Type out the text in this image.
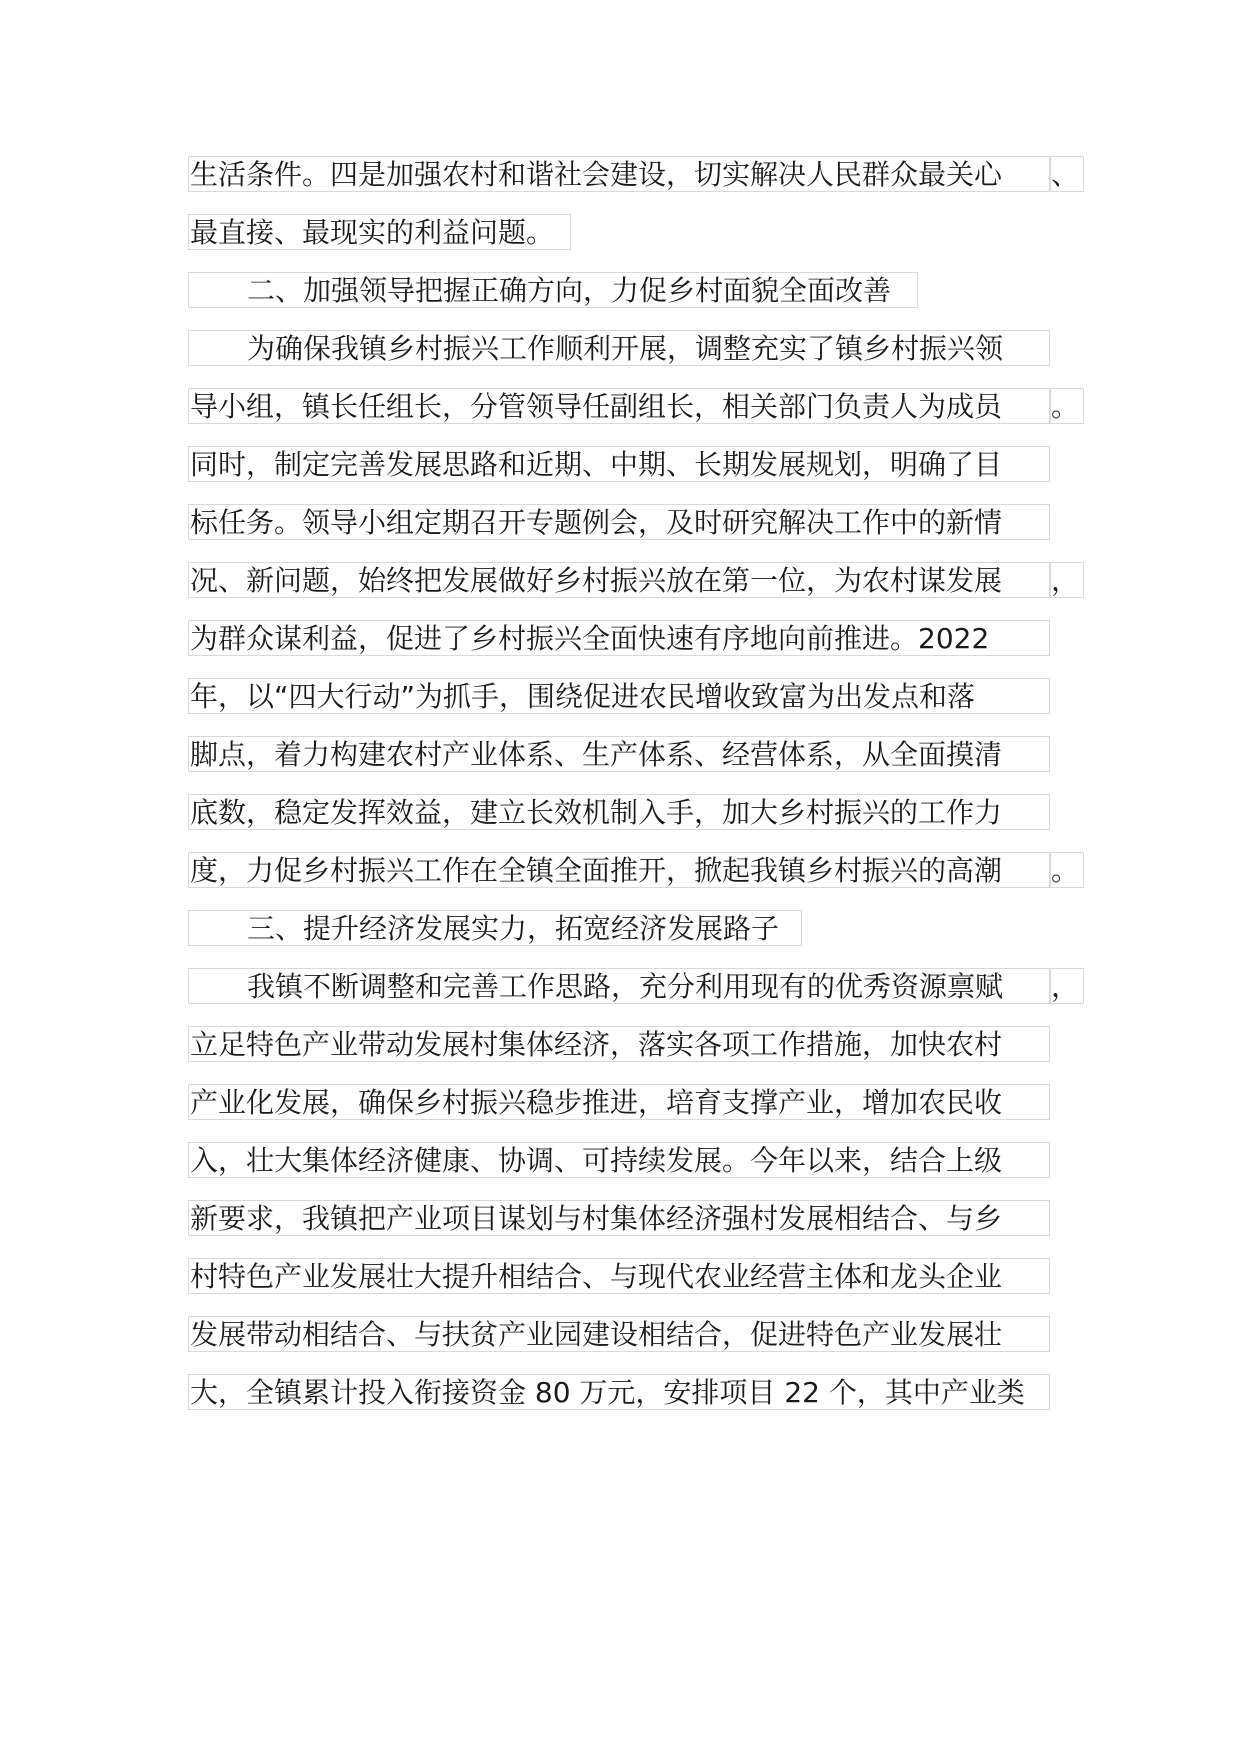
生活条件。四是加强农村和谐社会建设，切实解决人民群众最关心	、
最直接、最现实的利益问题。
二、加强领导把握正确方向，力促乡村面貌全面改善
为确保我镇乡村振兴工作顺利开展，调整充实了镇乡村振兴领
导小组，镇长任组长，分管领导任副组长，相关部门负责人为成员	。
同时，制定完善发展思路和近期、中期、长期发展规划，明确了目
标任务。领导小组定期召开专题例会，及时研究解决工作中的新情
况、新问题，始终把发展做好乡村振兴放在第一位，为农村谋发展	，
为群众谋利益，促进了乡村振兴全面快速有序地向前推进。2022
年，以“四大行动”为抓手，围绕促进农民增收致富为出发点和落
脚点，着力构建农村产业体系、生产体系、经营体系，从全面摸清
底数，稳定发挥效益，建立长效机制入手，加大乡村振兴的工作力
度，力促乡村振兴工作在全镇全面推开，掀起我镇乡村振兴的高潮	。
三、提升经济发展实力，拓宽经济发展路子
我镇不断调整和完善工作思路，充分利用现有的优秀资源禀赋	，
立足特色产业带动发展村集体经济，落实各项工作措施，加快农村
产业化发展，确保乡村振兴稳步推进，培育支撑产业，增加农民收
入，壮大集体经济健康、协调、可持续发展。今年以来，结合上级
新要求，我镇把产业项目谋划与村集体经济强村发展相结合、与乡
村特色产业发展壮大提升相结合、与现代农业经营主体和龙头企业
发展带动相结合、与扶贫产业园建设相结合，促进特色产业发展壮
大，全镇累计投入衔接资金 80 万元，安排项目 22 个，其中产业类
